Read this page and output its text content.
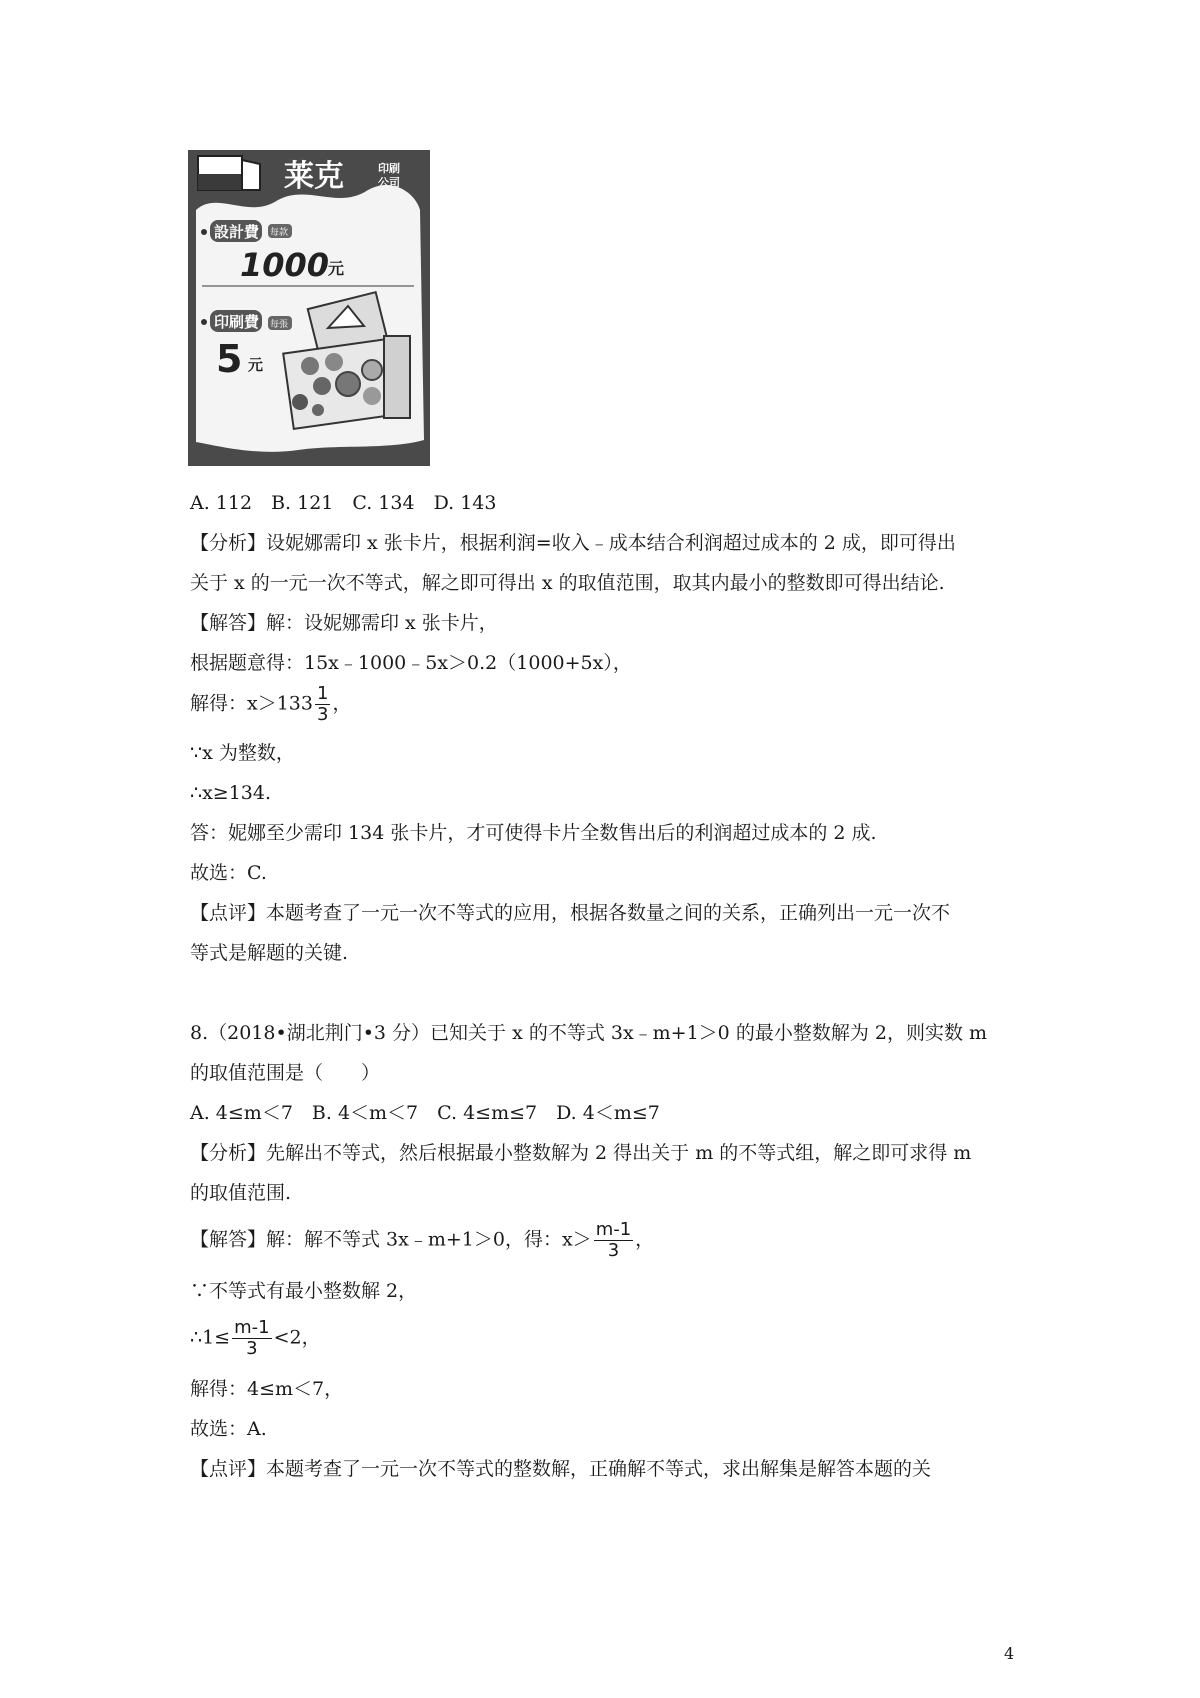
莱克	印刷
公司
設計費 每款
1000
元
印刷費 每張
5 元
A. 112　B. 121　C. 134　D. 143
【分析】设妮娜需印 x 张卡片，根据利润=收入﹣成本结合利润超过成本的 2 成，即可得出
关于 x 的一元一次不等式，解之即可得出 x 的取值范围，取其内最小的整数即可得出结论.
【解答】解：设妮娜需印 x 张卡片，
根据题意得：15x﹣1000﹣5x＞0.2（1000+5x），
解得：$x>133 \frac{1}{3}$ ，
∵x 为整数，
∴x≥134.
答：妮娜至少需印 134 张卡片，才可使得卡片全数售出后的利润超过成本的 2 成.
故选：C.
【点评】本题考查了一元一次不等式的应用，根据各数量之间的关系，正确列出一元一次不
等式是解题的关键.
8.（2018•湖北荆门•3 分）已知关于 x 的不等式 3x﹣m+1＞0 的最小整数解为 2，则实数 m
的取值范围是（　　）
A. 4≤m＜7　B. 4＜m＜7　C. 4≤m≤7　D. 4＜m≤7
【分析】先解出不等式，然后根据最小整数解为 2 得出关于 m 的不等式组，解之即可求得 m
的取值范围.
【解答】解：解不等式 3x﹣m+1＞0，得：$x> \frac{m-1}{3}$ ，
∵不等式有最小整数解 2，
∴1≤ $\frac{m-1}{3} <2$，
解得：4≤m＜7，
故选：A.
【点评】本题考查了一元一次不等式的整数解，正确解不等式，求出解集是解答本题的关
4
